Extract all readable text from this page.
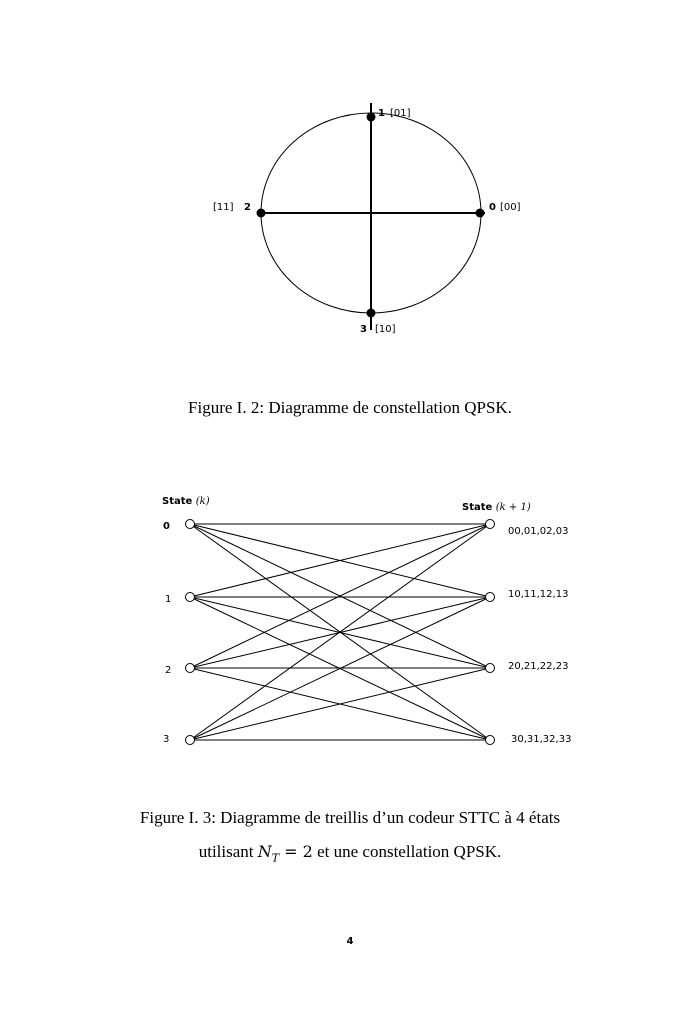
1 [01]
0 [00]
[11] 2
3 [10]
Figure I. 2: Diagramme de constellation QPSK.
State (k)
State (k + 1)
0
1
2
3
00,01,02,03
10,11,12,13
20,21,22,23
30,31,32,33
Figure I. 3: Diagramme de treillis d’un codeur STTC à 4 états
utilisant $N_T = 2$ et une constellation QPSK.
4
